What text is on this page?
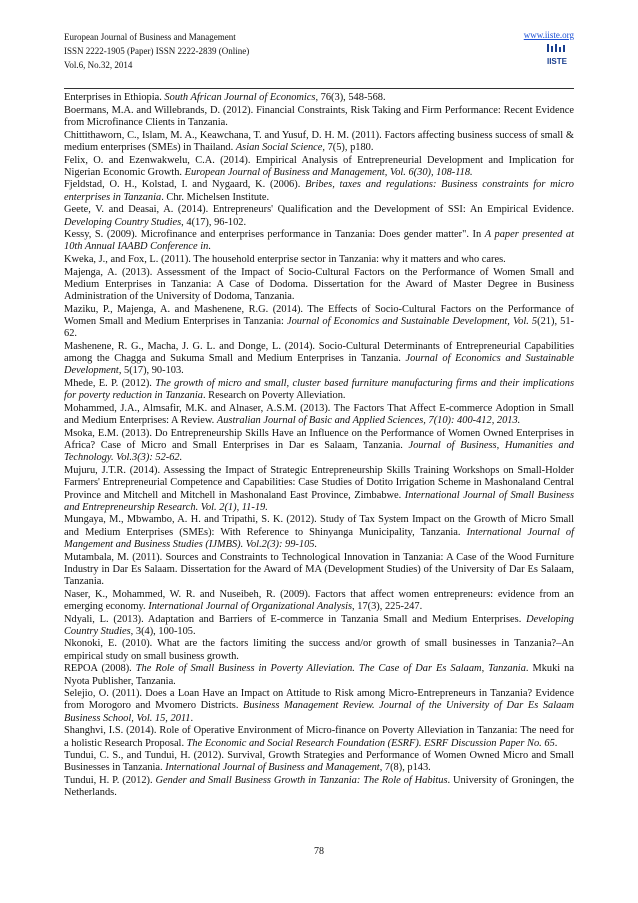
European Journal of Business and Management
ISSN 2222-1905 (Paper) ISSN 2222-2839 (Online)
Vol.6, No.32, 2014
www.iiste.org
IISTE
Enterprises in Ethiopia. South African Journal of Economics, 76(3), 548-568.
Boermans, M.A. and Willebrands, D. (2012). Financial Constraints, Risk Taking and Firm Performance: Recent Evidence from Microfinance Clients in Tanzania.
Chittithaworn, C., Islam, M. A., Keawchana, T. and Yusuf, D. H. M. (2011). Factors affecting business success of small & medium enterprises (SMEs) in Thailand. Asian Social Science, 7(5), p180.
Felix, O. and Ezenwakwelu, C.A. (2014). Empirical Analysis of Entrepreneurial Development and Implication for Nigerian Economic Growth. European Journal of Business and Management, Vol. 6(30), 108-118.
Fjeldstad, O. H., Kolstad, I. and Nygaard, K. (2006). Bribes, taxes and regulations: Business constraints for micro enterprises in Tanzania. Chr. Michelsen Institute.
Geete, V. and Deasai, A. (2014). Entrepreneurs' Qualification and the Development of SSI: An Empirical Evidence. Developing Country Studies, 4(17), 96-102.
Kessy, S. (2009). Microfinance and enterprises performance in Tanzania: Does gender matter". In A paper presented at 10th Annual IAABD Conference in.
Kweka, J., and Fox, L. (2011). The household enterprise sector in Tanzania: why it matters and who cares.
Majenga, A. (2013). Assessment of the Impact of Socio-Cultural Factors on the Performance of Women Small and Medium Enterprises in Tanzania: A Case of Dodoma. Dissertation for the Award of Master Degree in Business Administration of the University of Dodoma, Tanzania.
Maziku, P., Majenga, A. and Mashenene, R.G. (2014). The Effects of Socio-Cultural Factors on the Performance of Women Small and Medium Enterprises in Tanzania: Journal of Economics and Sustainable Development, Vol. 5(21), 51-62.
Mashenene, R. G., Macha, J. G. L. and Donge, L. (2014). Socio-Cultural Determinants of Entrepreneurial Capabilities among the Chagga and Sukuma Small and Medium Enterprises in Tanzania. Journal of Economics and Sustainable Development, 5(17), 90-103.
Mhede, E. P. (2012). The growth of micro and small, cluster based furniture manufacturing firms and their implications for poverty reduction in Tanzania. Research on Poverty Alleviation.
Mohammed, J.A., Almsafir, M.K. and Alnaser, A.S.M. (2013). The Factors That Affect E-commerce Adoption in Small and Medium Enterprises: A Review. Australian Journal of Basic and Applied Sciences, 7(10): 400-412, 2013.
Msoka, E.M. (2013). Do Entrepreneurship Skills Have an Influence on the Performance of Women Owned Enterprises in Africa? Case of Micro and Small Enterprises in Dar es Salaam, Tanzania. Journal of Business, Humanities and Technology. Vol.3(3): 52-62.
Mujuru, J.T.R. (2014). Assessing the Impact of Strategic Entrepreneurship Skills Training Workshops on Small-Holder Farmers' Entrepreneurial Competence and Capabilities: Case Studies of Dotito Irrigation Scheme in Mashonaland Central Province and Mitchell and Mitchell in Mashonaland East Province, Zimbabwe. International Journal of Small Business and Entrepreneurship Research. Vol. 2(1), 11-19.
Mungaya, M., Mbwambo, A. H. and Tripathi, S. K. (2012). Study of Tax System Impact on the Growth of Micro Small and Medium Enterprises (SMEs): With Reference to Shinyanga Municipality, Tanzania. International Journal of Mangement and Business Studies (IJMBS). Vol.2(3): 99-105.
Mutambala, M. (2011). Sources and Constraints to Technological Innovation in Tanzania: A Case of the Wood Furniture Industry in Dar Es Salaam. Dissertation for the Award of MA (Development Studies) of the University of Dar Es Salaam, Tanzania.
Naser, K., Mohammed, W. R. and Nuseibeh, R. (2009). Factors that affect women entrepreneurs: evidence from an emerging economy. International Journal of Organizational Analysis, 17(3), 225-247.
Ndyali, L. (2013). Adaptation and Barriers of E-commerce in Tanzania Small and Medium Enterprises. Developing Country Studies, 3(4), 100-105.
Nkonoki, E. (2010). What are the factors limiting the success and/or growth of small businesses in Tanzania?–An empirical study on small business growth.
REPOA (2008). The Role of Small Business in Poverty Alleviation. The Case of Dar Es Salaam, Tanzania. Mkuki na Nyota Publisher, Tanzania.
Selejio, O. (2011). Does a Loan Have an Impact on Attitude to Risk among Micro-Entrepreneurs in Tanzania? Evidence from Morogoro and Mvomero Districts. Business Management Review. Journal of the University of Dar Es Salaam Business School, Vol. 15, 2011.
Shanghvi, I.S. (2014). Role of Operative Environment of Micro-finance on Poverty Alleviation in Tanzania: The need for a holistic Research Proposal. The Economic and Social Research Foundation (ESRF). ESRF Discussion Paper No. 65.
Tundui, C. S., and Tundui, H. (2012). Survival, Growth Strategies and Performance of Women Owned Micro and Small Businesses in Tanzania. International Journal of Business and Management, 7(8), p143.
Tundui, H. P. (2012). Gender and Small Business Growth in Tanzania: The Role of Habitus. University of Groningen, the Netherlands.
78
